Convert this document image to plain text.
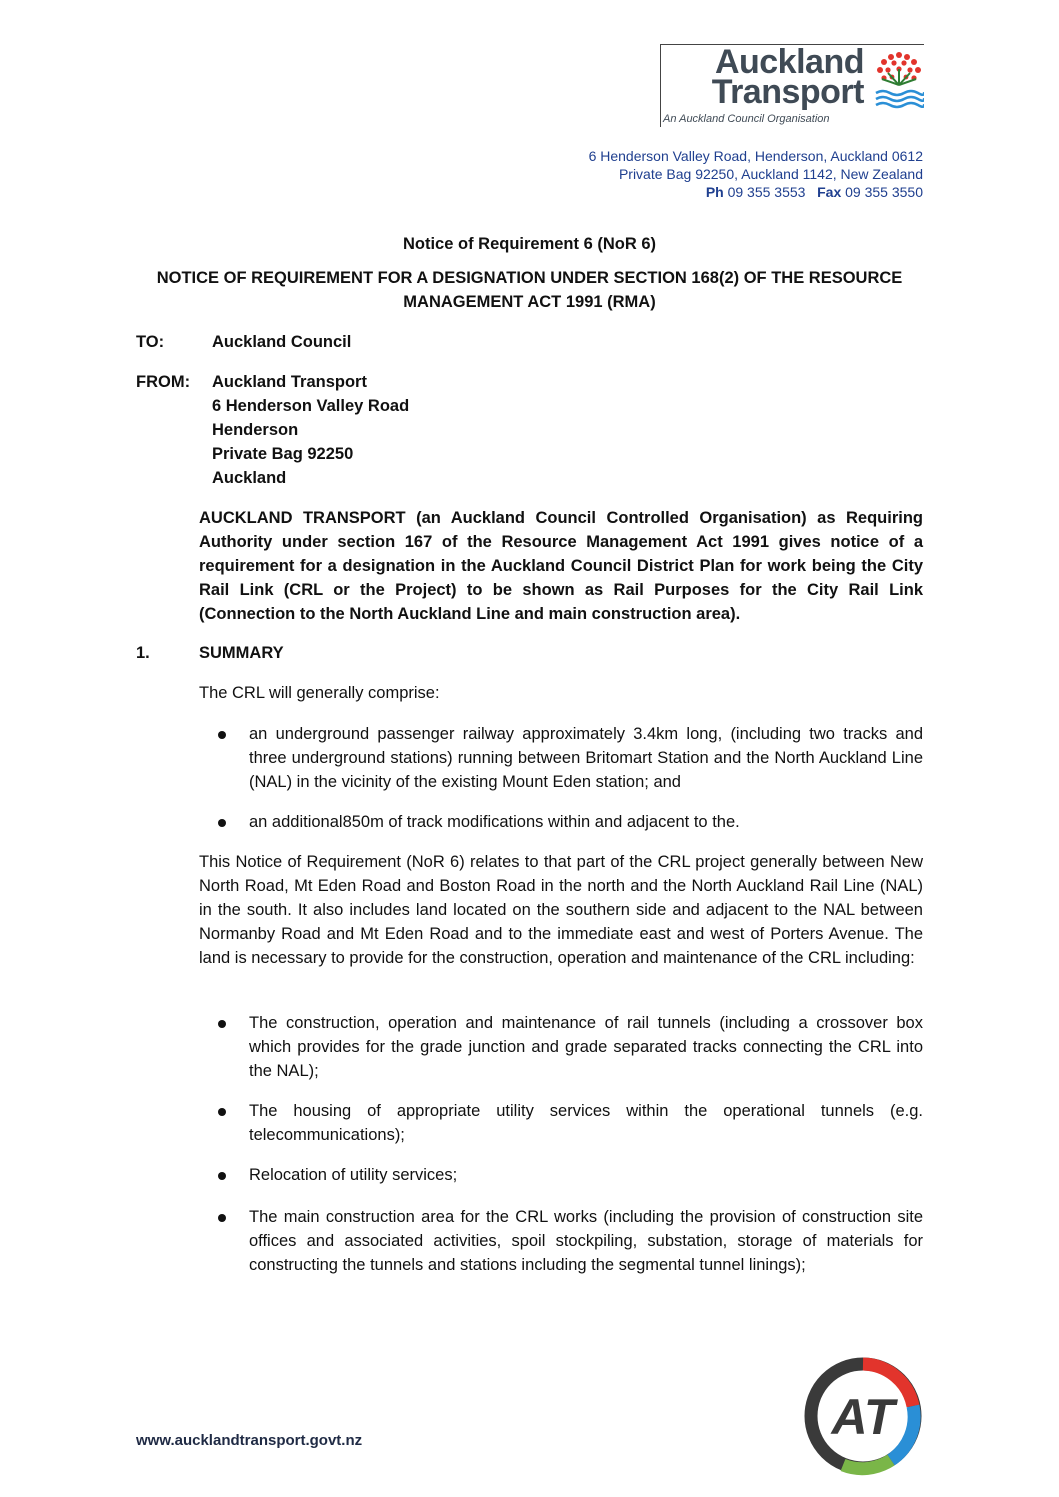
Auckland
Transport
An Auckland Council Organisation
6 Henderson Valley Road, Henderson, Auckland 0612
Private Bag 92250, Auckland 1142, New Zealand
Ph 09 355 3553 Fax 09 355 3550
Notice of Requirement 6 (NoR 6)
NOTICE OF REQUIREMENT FOR A DESIGNATION UNDER SECTION 168(2) OF THE RESOURCE
MANAGEMENT ACT 1991 (RMA)
TO:	Auckland Council
FROM: Auckland Transport
6 Henderson Valley Road
Henderson
Private Bag 92250
Auckland
AUCKLAND TRANSPORT (an Auckland Council Controlled Organisation) as Requiring Authority under section 167 of the Resource Management Act 1991 gives notice of a requirement for a designation in the Auckland Council District Plan for work being the City Rail Link (CRL or the Project) to be shown as Rail Purposes for the City Rail Link (Connection to the North Auckland Line and main construction area).
1.	SUMMARY
The CRL will generally comprise:
an underground passenger railway approximately 3.4km long, (including two tracks and three underground stations) running between Britomart Station and the North Auckland Line (NAL) in the vicinity of the existing Mount Eden station; and
an additional850m of track modifications within and adjacent to the.
This Notice of Requirement (NoR 6) relates to that part of the CRL project generally between New North Road, Mt Eden Road and Boston Road in the north and the North Auckland Rail Line (NAL) in the south. It also includes land located on the southern side and adjacent to the NAL between Normanby Road and Mt Eden Road and to the immediate east and west of Porters Avenue. The land is necessary to provide for the construction, operation and maintenance of the CRL including:
The construction, operation and maintenance of rail tunnels (including a crossover box which provides for the grade junction and grade separated tracks connecting the CRL into the NAL);
The housing of appropriate utility services within the operational tunnels (e.g. telecommunications);
Relocation of utility services;
The main construction area for the CRL works (including the provision of construction site offices and associated activities, spoil stockpiling, substation, storage of materials for constructing the tunnels and stations including the segmental tunnel linings);
www.aucklandtransport.govt.nz	AT
